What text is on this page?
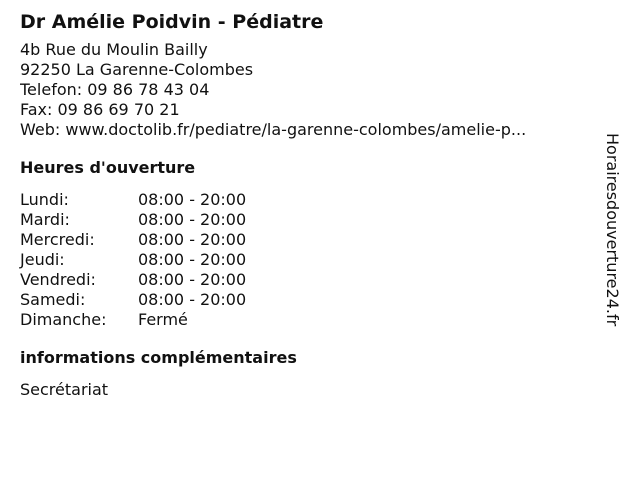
Dr Amélie Poidvin - Pédiatre
4b Rue du Moulin Bailly
92250 La Garenne-Colombes
Telefon: 09 86 78 43 04
Fax: 09 86 69 70 21
Web: www.doctolib.fr/pediatre/la-garenne-colombes/amelie-p...
Heures d'ouverture
Lundi:	08:00 - 20:00
Mardi:	08:00 - 20:00
Mercredi:	08:00 - 20:00
Jeudi:	08:00 - 20:00
Vendredi:	08:00 - 20:00
Samedi:	08:00 - 20:00
Dimanche:	Fermé
informations complémentaires
Secrétariat
Horairesdouverture24.fr
